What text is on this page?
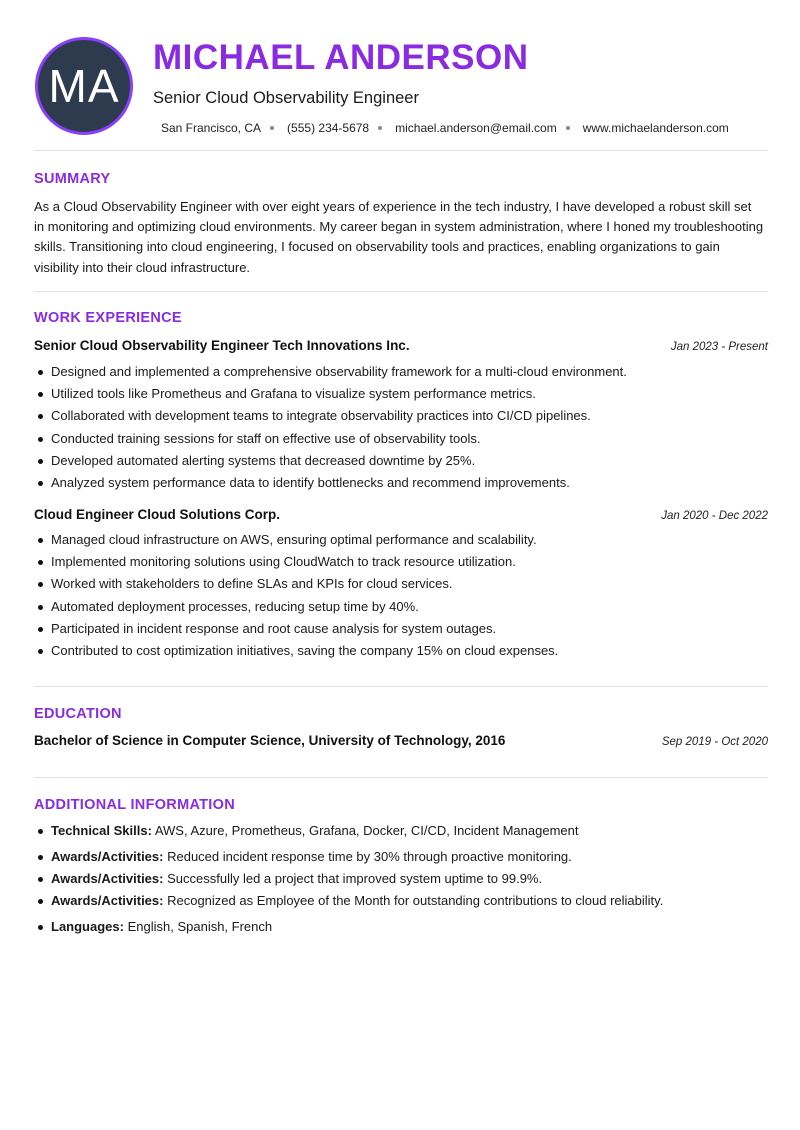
MA
MICHAEL ANDERSON
Senior Cloud Observability Engineer
San Francisco, CA (555) 234-5678 michael.anderson@email.com www.michaelanderson.com
SUMMARY

As a Cloud Observability Engineer with over eight years of experience in the tech industry, I have developed a robust skill set in monitoring and optimizing cloud environments. My career began in system administration, where I honed my troubleshooting skills. Transitioning into cloud engineering, I focused on observability tools and practices, enabling organizations to gain visibility into their cloud infrastructure.

WORK EXPERIENCE
Senior Cloud Observability Engineer Tech Innovations Inc.	Jan 2023 - Present
Designed and implemented a comprehensive observability framework for a multi-cloud environment.
Utilized tools like Prometheus and Grafana to visualize system performance metrics.
Collaborated with development teams to integrate observability practices into CI/CD pipelines.
Conducted training sessions for staff on effective use of observability tools.
Developed automated alerting systems that decreased downtime by 25%.
Analyzed system performance data to identify bottlenecks and recommend improvements.
Cloud Engineer Cloud Solutions Corp.	Jan 2020 - Dec 2022
Managed cloud infrastructure on AWS, ensuring optimal performance and scalability.
Implemented monitoring solutions using CloudWatch to track resource utilization.
Worked with stakeholders to define SLAs and KPIs for cloud services.
Automated deployment processes, reducing setup time by 40%.
Participated in incident response and root cause analysis for system outages.
Contributed to cost optimization initiatives, saving the company 15% on cloud expenses.
EDUCATION
Bachelor of Science in Computer Science, University of Technology, 2016	Sep 2019 - Oct 2020
ADDITIONAL INFORMATION
Technical Skills: AWS, Azure, Prometheus, Grafana, Docker, CI/CD, Incident Management
Awards/Activities: Reduced incident response time by 30% through proactive monitoring.
Awards/Activities: Successfully led a project that improved system uptime to 99.9%.
Awards/Activities: Recognized as Employee of the Month for outstanding contributions to cloud reliability.
Languages: English, Spanish, French
